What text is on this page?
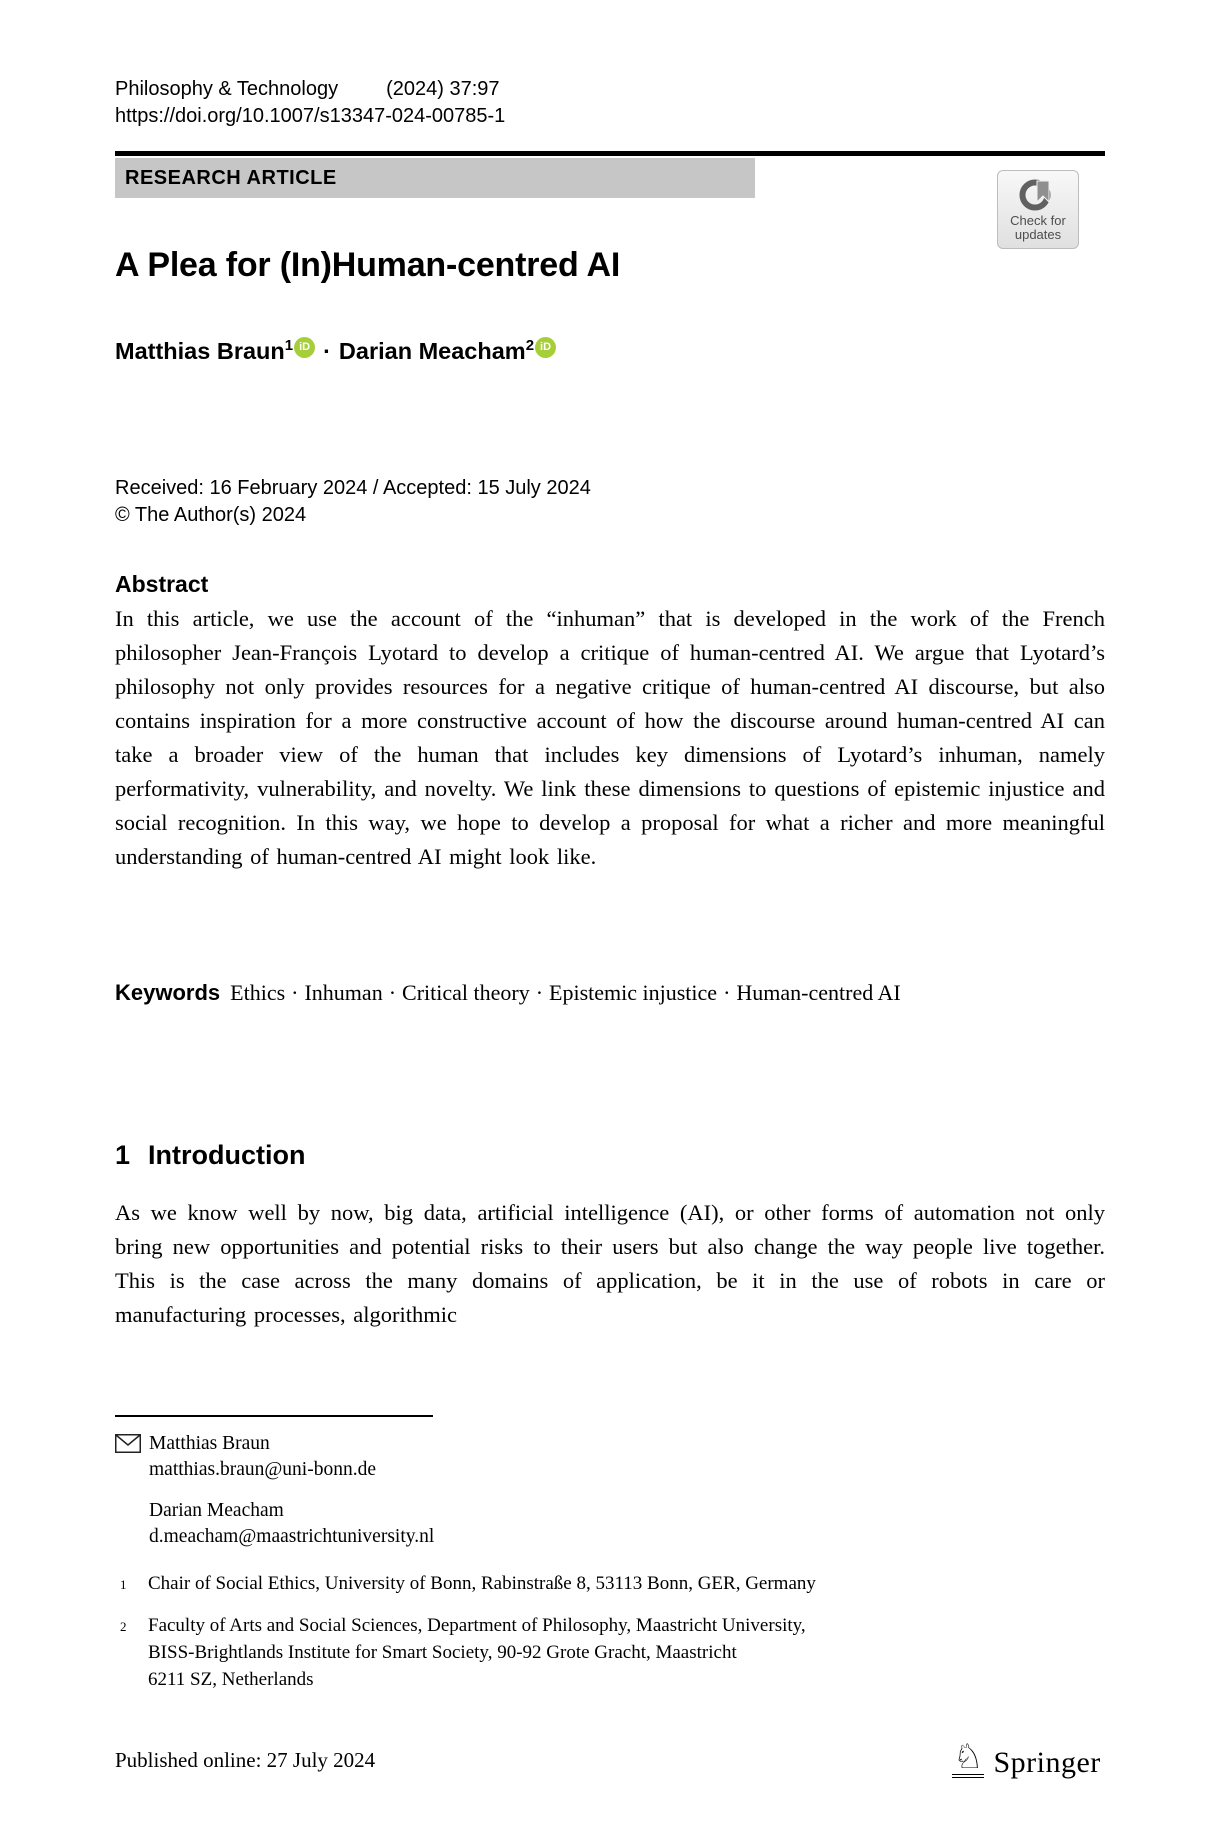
Philosophy & Technology (2024) 37:97
https://doi.org/10.1007/s13347-024-00785-1
RESEARCH ARTICLE
Check for
updates
A Plea for (In)Human-centred AI
Matthias Braun$^1$ iD · Darian Meacham$^2$ iD
Received: 16 February 2024 / Accepted: 15 July 2024
© The Author(s) 2024
Abstract
In this article, we use the account of the “inhuman” that is developed in the work of the French philosopher Jean-François Lyotard to develop a critique of human-centred AI. We argue that Lyotard’s philosophy not only provides resources for a negative critique of human-centred AI discourse, but also contains inspiration for a more constructive account of how the discourse around human-centred AI can take a broader view of the human that includes key dimensions of Lyotard’s inhuman, namely performativity, vulnerability, and novelty. We link these dimensions to questions of epistemic injustice and social recognition. In this way, we hope to develop a proposal for what a richer and more meaningful understanding of human-centred AI might look like.
Keywords Ethics · Inhuman · Critical theory · Epistemic injustice · Human-centred AI
1 Introduction
As we know well by now, big data, artificial intelligence (AI), or other forms of automation not only bring new opportunities and potential risks to their users but also change the way people live together. This is the case across the many domains of application, be it in the use of robots in care or manufacturing processes, algorithmic
Matthias Braun
matthias.braun@uni-bonn.de
Darian Meacham
d.meacham@maastrichtuniversity.nl
1	Chair of Social Ethics, University of Bonn, Rabinstraße 8, 53113 Bonn, GER, Germany
2	Faculty of Arts and Social Sciences, Department of Philosophy, Maastricht University,
BISS-Brightlands Institute for Smart Society, 90-92 Grote Gracht, Maastricht
6211 SZ, Netherlands
Published online: 27 July 2024	♘ Springer
